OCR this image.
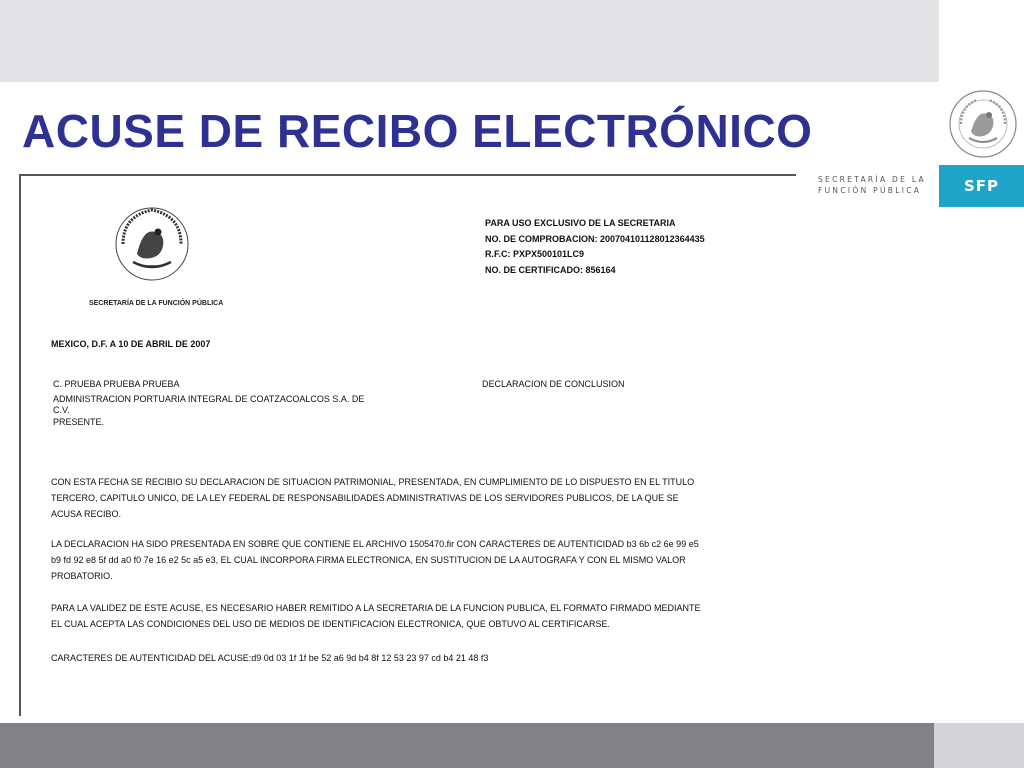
SFP
SECRETARÍA DE LA
FUNCIÓN PÚBLICA
ACUSE DE RECIBO ELECTRÓNICO
SECRETARÍA DE LA FUNCIÓN PÚBLICA
PARA USO EXCLUSIVO DE LA SECRETARIA
NO. DE COMPROBACION: 20070410112801236443​5
R.F.C: PXPX500101LC9
NO. DE CERTIFICADO: 856164
MEXICO, D.F. A 10 DE ABRIL DE 2007
C. PRUEBA PRUEBA PRUEBA
ADMINISTRACION PORTUARIA INTEGRAL DE COATZACOALCOS S.A. DE
C.V.
PRESENTE.
DECLARACION DE CONCLUSION
CON ESTA FECHA SE RECIBIO SU DECLARACION DE SITUACION PATRIMONIAL, PRESENTADA, EN CUMPLIMIENTO DE LO DISPUESTO EN EL TITULO
TERCERO, CAPITULO UNICO, DE LA LEY FEDERAL DE RESPONSABILIDADES ADMINISTRATIVAS DE LOS SERVIDORES PUBLICOS, DE LA QUE SE
ACUSA RECIBO.
LA DECLARACION HA SIDO PRESENTADA EN SOBRE QUE CONTIENE EL ARCHIVO 1505470.fir CON CARACTERES DE AUTENTICIDAD b3 6b c2 6e 99 e5
b9 fd 92 e8 5f dd a0 f0 7e 16 e2 5c a5 e3, EL CUAL INCORPORA FIRMA ELECTRONICA, EN SUSTITUCION DE LA AUTOGRAFA Y CON EL MISMO VALOR
PROBATORIO.
PARA LA VALIDEZ DE ESTE ACUSE, ES NECESARIO HABER REMITIDO A LA SECRETARIA DE LA FUNCION PUBLICA, EL FORMATO FIRMADO MEDIANTE
EL CUAL ACEPTA LAS CONDICIONES DEL USO DE MEDIOS DE IDENTIFICACION ELECTRONICA, QUE OBTUVO AL CERTIFICARSE.
CARACTERES DE AUTENTICIDAD DEL ACUSE:d9 0d 03 1f 1f be 52 a6 9d b4 8f 12 53 23 97 cd b4 21 48 f3
